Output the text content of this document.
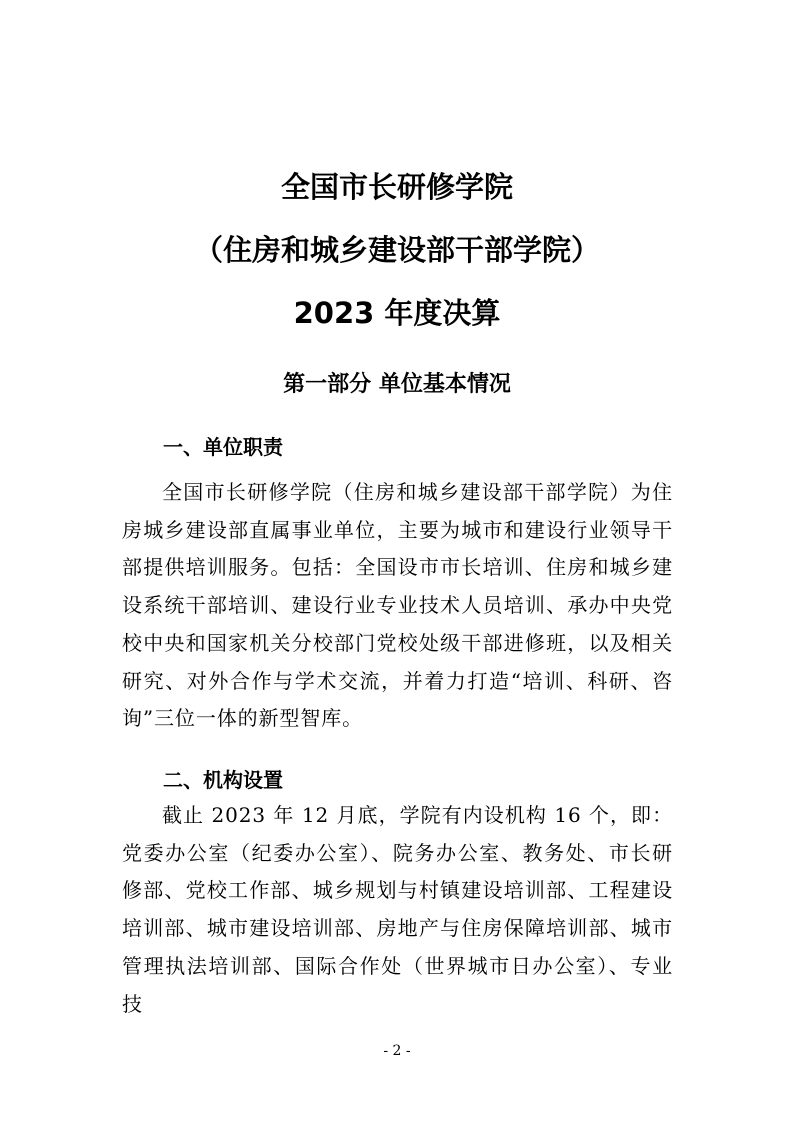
全国市长研修学院
（住房和城乡建设部干部学院）
2023 年度决算
第一部分 单位基本情况
一、单位职责

全国市长研修学院（住房和城乡建设部干部学院）为住房城乡建设部直属事业单位，主要为城市和建设行业领导干部提供培训服务。包括：全国设市市长培训、住房和城乡建设系统干部培训、建设行业专业技术人员培训、承办中央党校中央和国家机关分校部门党校处级干部进修班，以及相关研究、对外合作与学术交流，并着力打造“培训、科研、咨询”三位一体的新型智库。

二、机构设置

截止 2023 年 12 月底，学院有内设机构 16 个，即：党委办公室（纪委办公室）、院务办公室、教务处、市长研修部、党校工作部、城乡规划与村镇建设培训部、工程建设培训部、城市建设培训部、房地产与住房保障培训部、城市管理执法培训部、国际合作处（世界城市日办公室）、专业技

- 2 -
